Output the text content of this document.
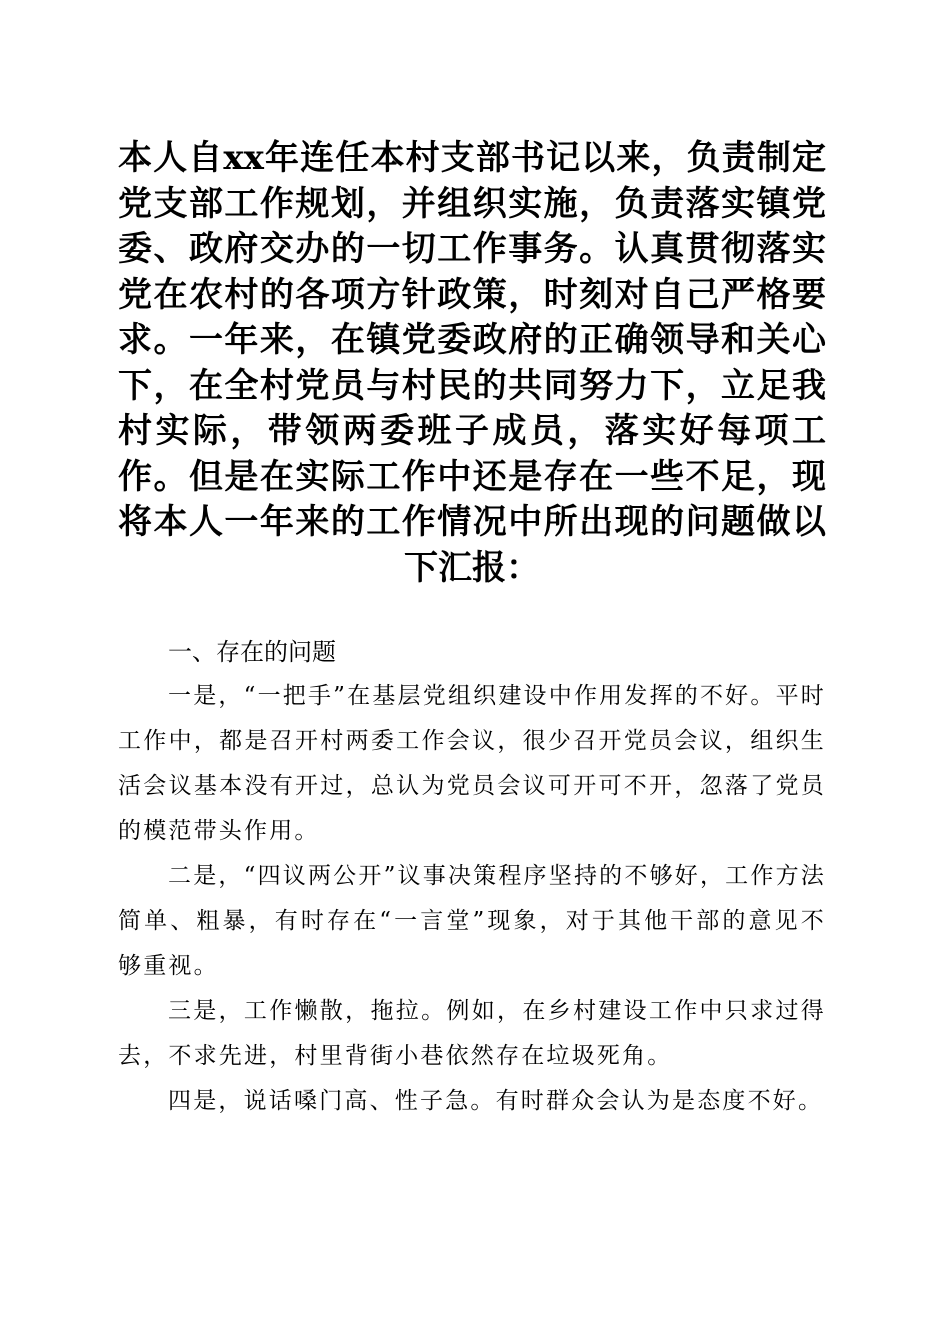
本人自xx年连任本村支部书记以来，负责制定党支部工作规划，并组织实施，负责落实镇党委、政府交办的一切工作事务。认真贯彻落实党在农村的各项方针政策，时刻对自己严格要求。一年来，在镇党委政府的正确领导和关心下，在全村党员与村民的共同努力下，立足我村实际，带领两委班子成员，落实好每项工作。但是在实际工作中还是存在一些不足，现将本人一年来的工作情况中所出现的问题做以下汇报：

一、存在的问题

一是，“一把手”在基层党组织建设中作用发挥的不好。平时工作中，都是召开村两委工作会议，很少召开党员会议，组织生活会议基本没有开过，总认为党员会议可开可不开，忽落了党员的模范带头作用。

二是，“四议两公开”议事决策程序坚持的不够好，工作方法简单、粗暴，有时存在“一言堂”现象，对于其他干部的意见不够重视。

三是，工作懒散，拖拉。例如，在乡村建设工作中只求过得去，不求先进，村里背街小巷依然存在垃圾死角。

四是，说话嗓门高、性子急。有时群众会认为是态度不好。
